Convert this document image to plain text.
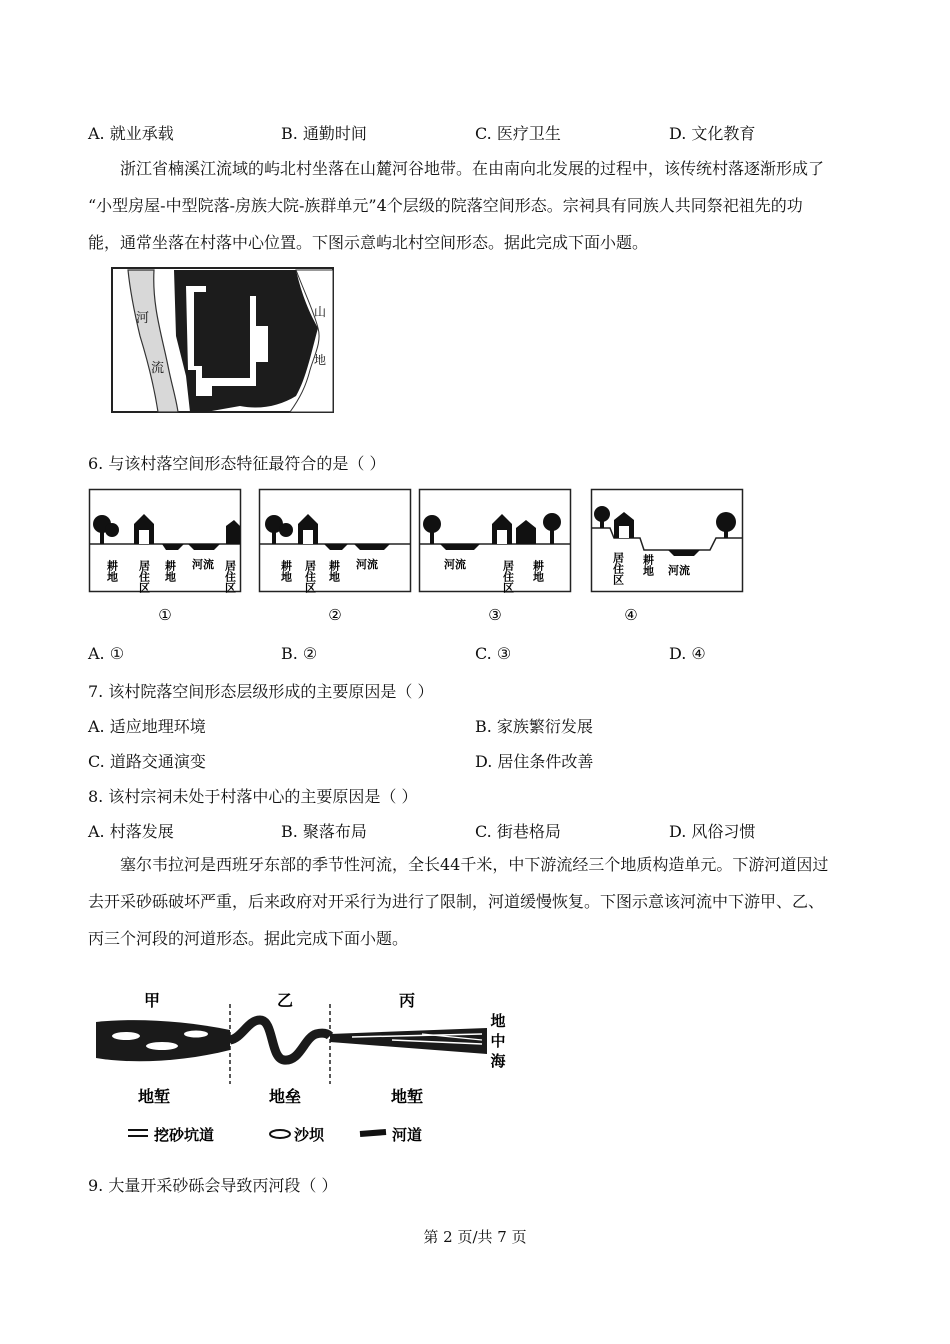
A. 就业承载	B. 通勤时间	C. 医疗卫生	D. 文化教育

浙江省楠溪江流域的屿北村坐落在山麓河谷地带。在由南向北发展的过程中，该传统村落逐渐形成了

“小型房屋-中型院落-房族大院-族群单元”4个层级的院落空间形态。宗祠具有同族人共同祭祀祖先的功

能，通常坐落在村落中心位置。下图示意屿北村空间形态。据此完成下面小题。

河
流
山
地
6. 与该村落空间形态特征最符合的是（ ）
耕地 居住区 耕地 河流 居住区
①
耕地 居住区 耕地 河流
②
河流	居住区 耕地
③
居住区 耕地 河流
④
A. ①	B. ②	C. ③	D. ④
7. 该村院落空间形态层级形成的主要原因是（ ）
A. 适应地理环境	B. 家族繁衍发展
C. 道路交通演变	D. 居住条件改善
8. 该村宗祠未处于村落中心的主要原因是（ ）
A. 村落发展	B. 聚落布局	C. 街巷格局	D. 风俗习惯

塞尔韦拉河是西班牙东部的季节性河流，全长44千米，中下游流经三个地质构造单元。下游河道因过

去开采砂砾破坏严重，后来政府对开采行为进行了限制，河道缓慢恢复。下图示意该河流中下游甲、乙、

丙三个河段的河道形态。据此完成下面小题。

甲	乙	丙
地
中
海
地堑	地垒	地堑
挖砂坑道	沙坝	河道
9. 大量开采砂砾会导致丙河段（ ）
第 2 页/共 7 页
